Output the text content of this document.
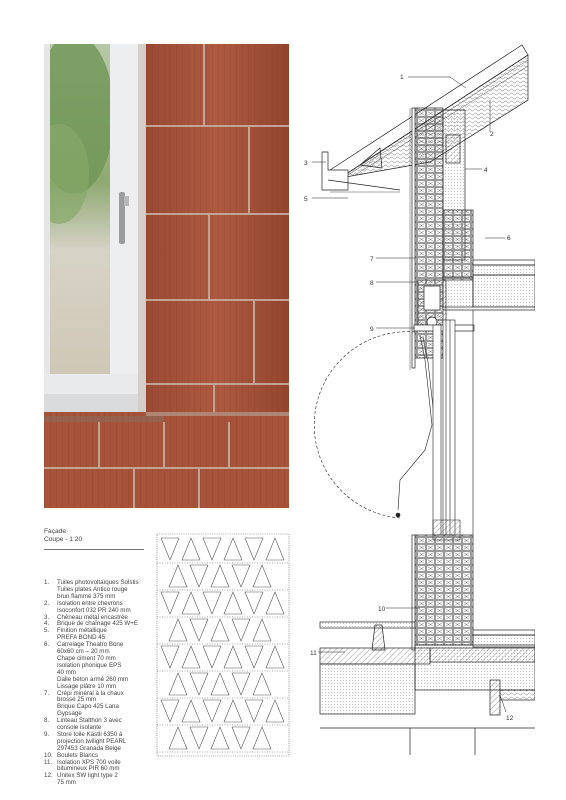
Façade
Coupe - 1:20
1.	Tuiles photovoltaïques Solstis
Tuiles plates Antico rouge
brun flammé 375 mm
2.	Isolation entre chevrons
Isoconfort 032 PR 240 mm
3.	Chêneau métal encastrée
4.	Brique de chaînage 425 W+E
5.	Finition métallique
PREFA BOND 45
6.	Carrelage Theatro Bone
60x60 cm – 20 mm
Chape ciment 70 mm
Isolation phonique EPS
40 mm
Dalle béton armé 260 mm
Lissage plâtre 10 mm
7.	Crépi minéral à la chaux
brossé 25 mm
Brique Capo 425 Lana
Gypsage
8.	Linteau Stalthon 3 avec
console isolante
9.	Store toile Kästli 6350 à
projection twilight PEARL
297453 Granada Beige
10. Boulets Blancs
11. Isolation XPS 700 voile
bitumineux PIR 60 mm
12. Unitex SW light type 2
75 mm
1
2
3
4
5
6
7
8
9
10
11
12
